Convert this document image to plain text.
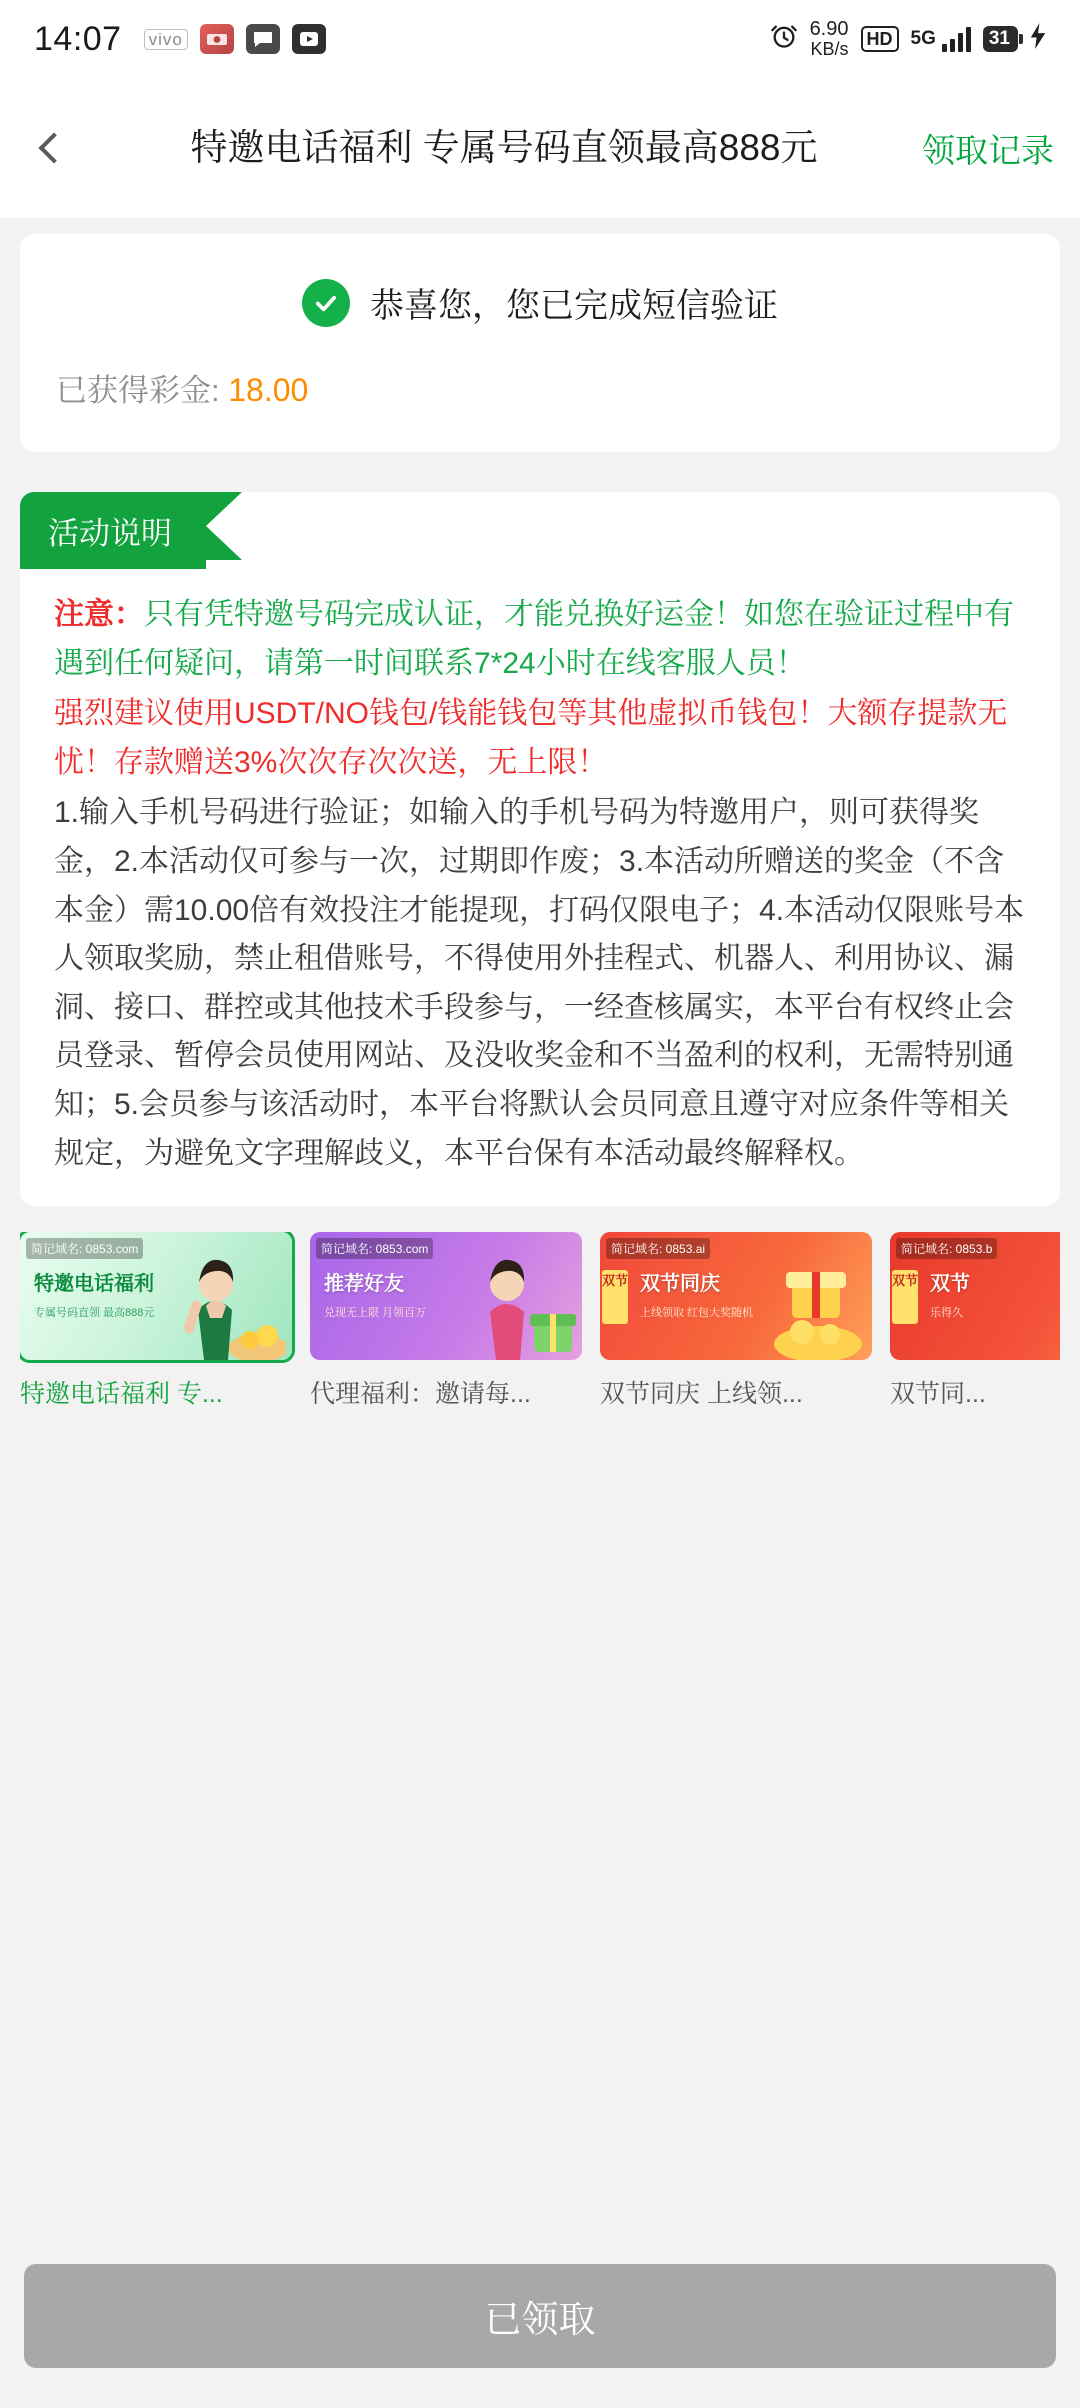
14:07 vivo	6.90
KB/s	HD 5G	31
特邀电话福利 专属号码直领最高888元	领取记录
恭喜您，您已完成短信验证
已获得彩金: 18.00
活动说明

注意：只有凭特邀号码完成认证，才能兑换好运金！如您在验证过程中有遇到任何疑问，请第一时间联系7*24小时在线客服人员！

强烈建议使用USDT/NO钱包/钱能钱包等其他虚拟币钱包！大额存提款无忧！存款赠送3%次次存次次送，无上限！

1.输入手机号码进行验证；如输入的手机号码为特邀用户，则可获得奖金，2.本活动仅可参与一次，过期即作废；3.本活动所赠送的奖金（不含本金）需10.00倍有效投注才能提现，打码仅限电子；4.本活动仅限账号本人领取奖励，禁止租借账号，不得使用外挂程式、机器人、利用协议、漏洞、接口、群控或其他技术手段参与，一经查核属实，本平台有权终止会员登录、暂停会员使用网站、及没收奖金和不当盈利的权利，无需特别通知；5.会员参与该活动时，本平台将默认会员同意且遵守对应条件等相关规定，为避免文字理解歧义，本平台保有本活动最终解释权。

简记域名: 0853.com
特邀电话福利
专属号码直领 最高888元
特邀电话福利 专...
简记域名: 0853.com
推荐好友
兑现无上限 月领百万
代理福利：邀请每...
简记域名: 0853.ai
双节 双节同庆
上线领取 红包大奖随机
双节同庆 上线领...
简记域名: 0853.b
双节 双节
乐得久
双节同...
已领取
